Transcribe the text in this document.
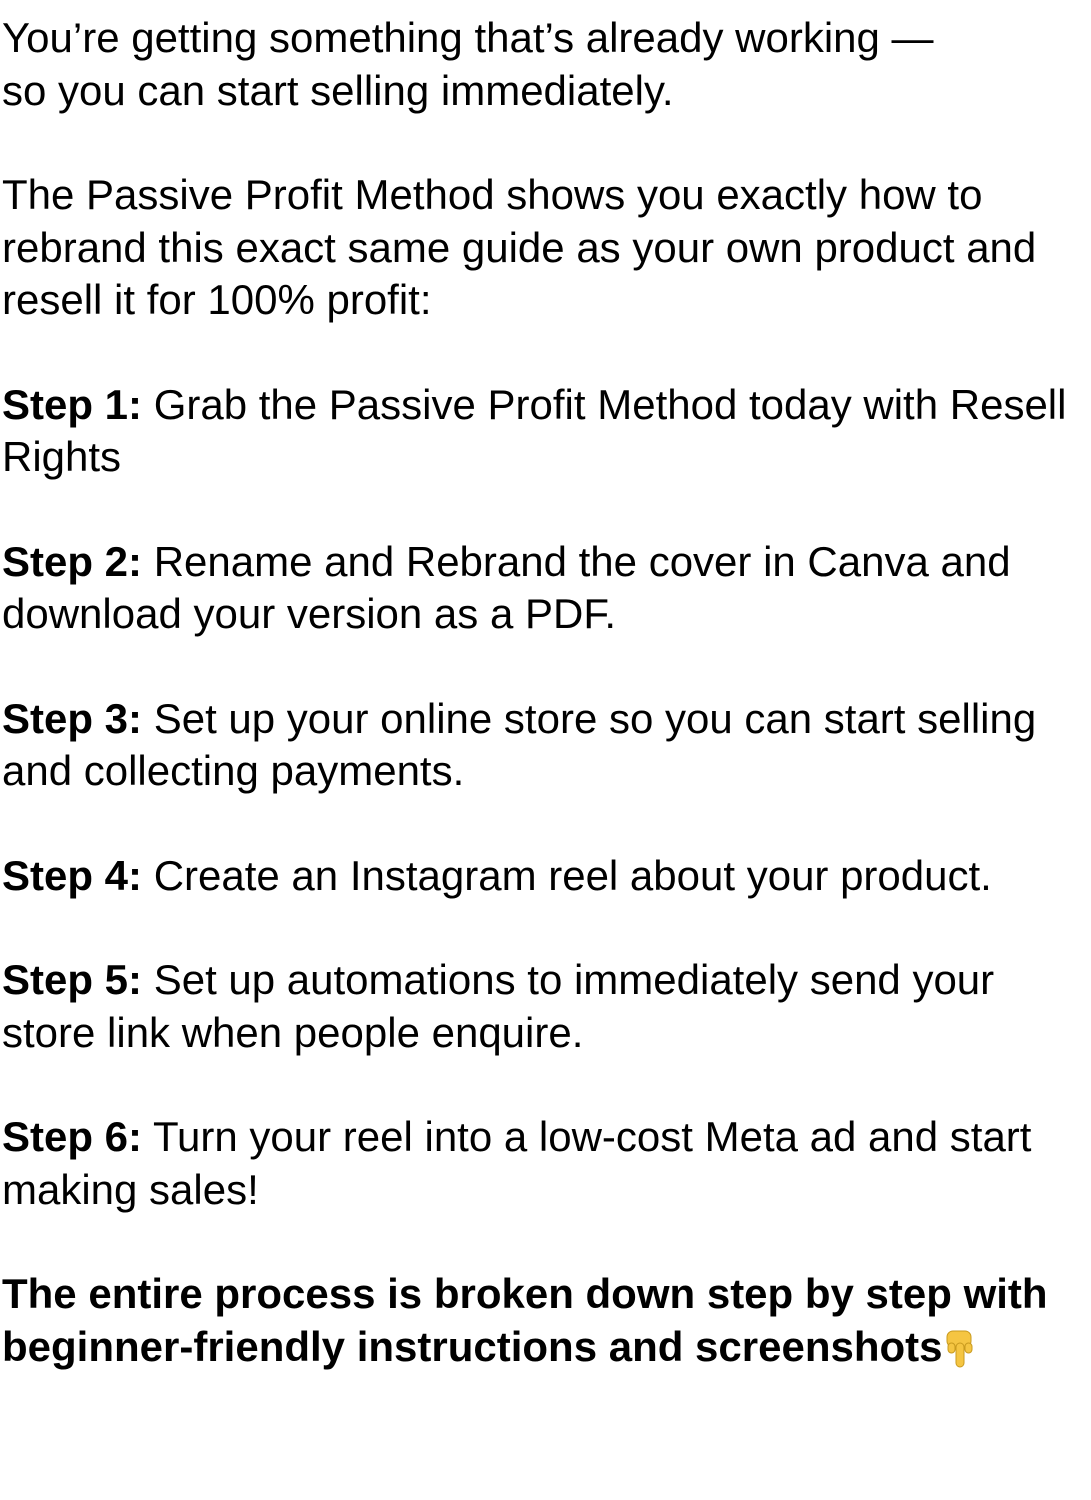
You’re getting something that’s already working —
so you can start selling immediately.

The Passive Profit Method shows you exactly how to rebrand this exact same guide as your own product and resell it for 100% profit:

Step 1: Grab the Passive Profit Method today with Resell Rights

Step 2: Rename and Rebrand the cover in Canva and download your version as a PDF.

Step 3: Set up your online store so you can start selling and collecting payments.

Step 4: Create an Instagram reel about your product.

Step 5: Set up automations to immediately send your store link when people enquire.

Step 6: Turn your reel into a low-cost Meta ad and start making sales!

The entire process is broken down step by step with beginner-friendly instructions and screenshots
